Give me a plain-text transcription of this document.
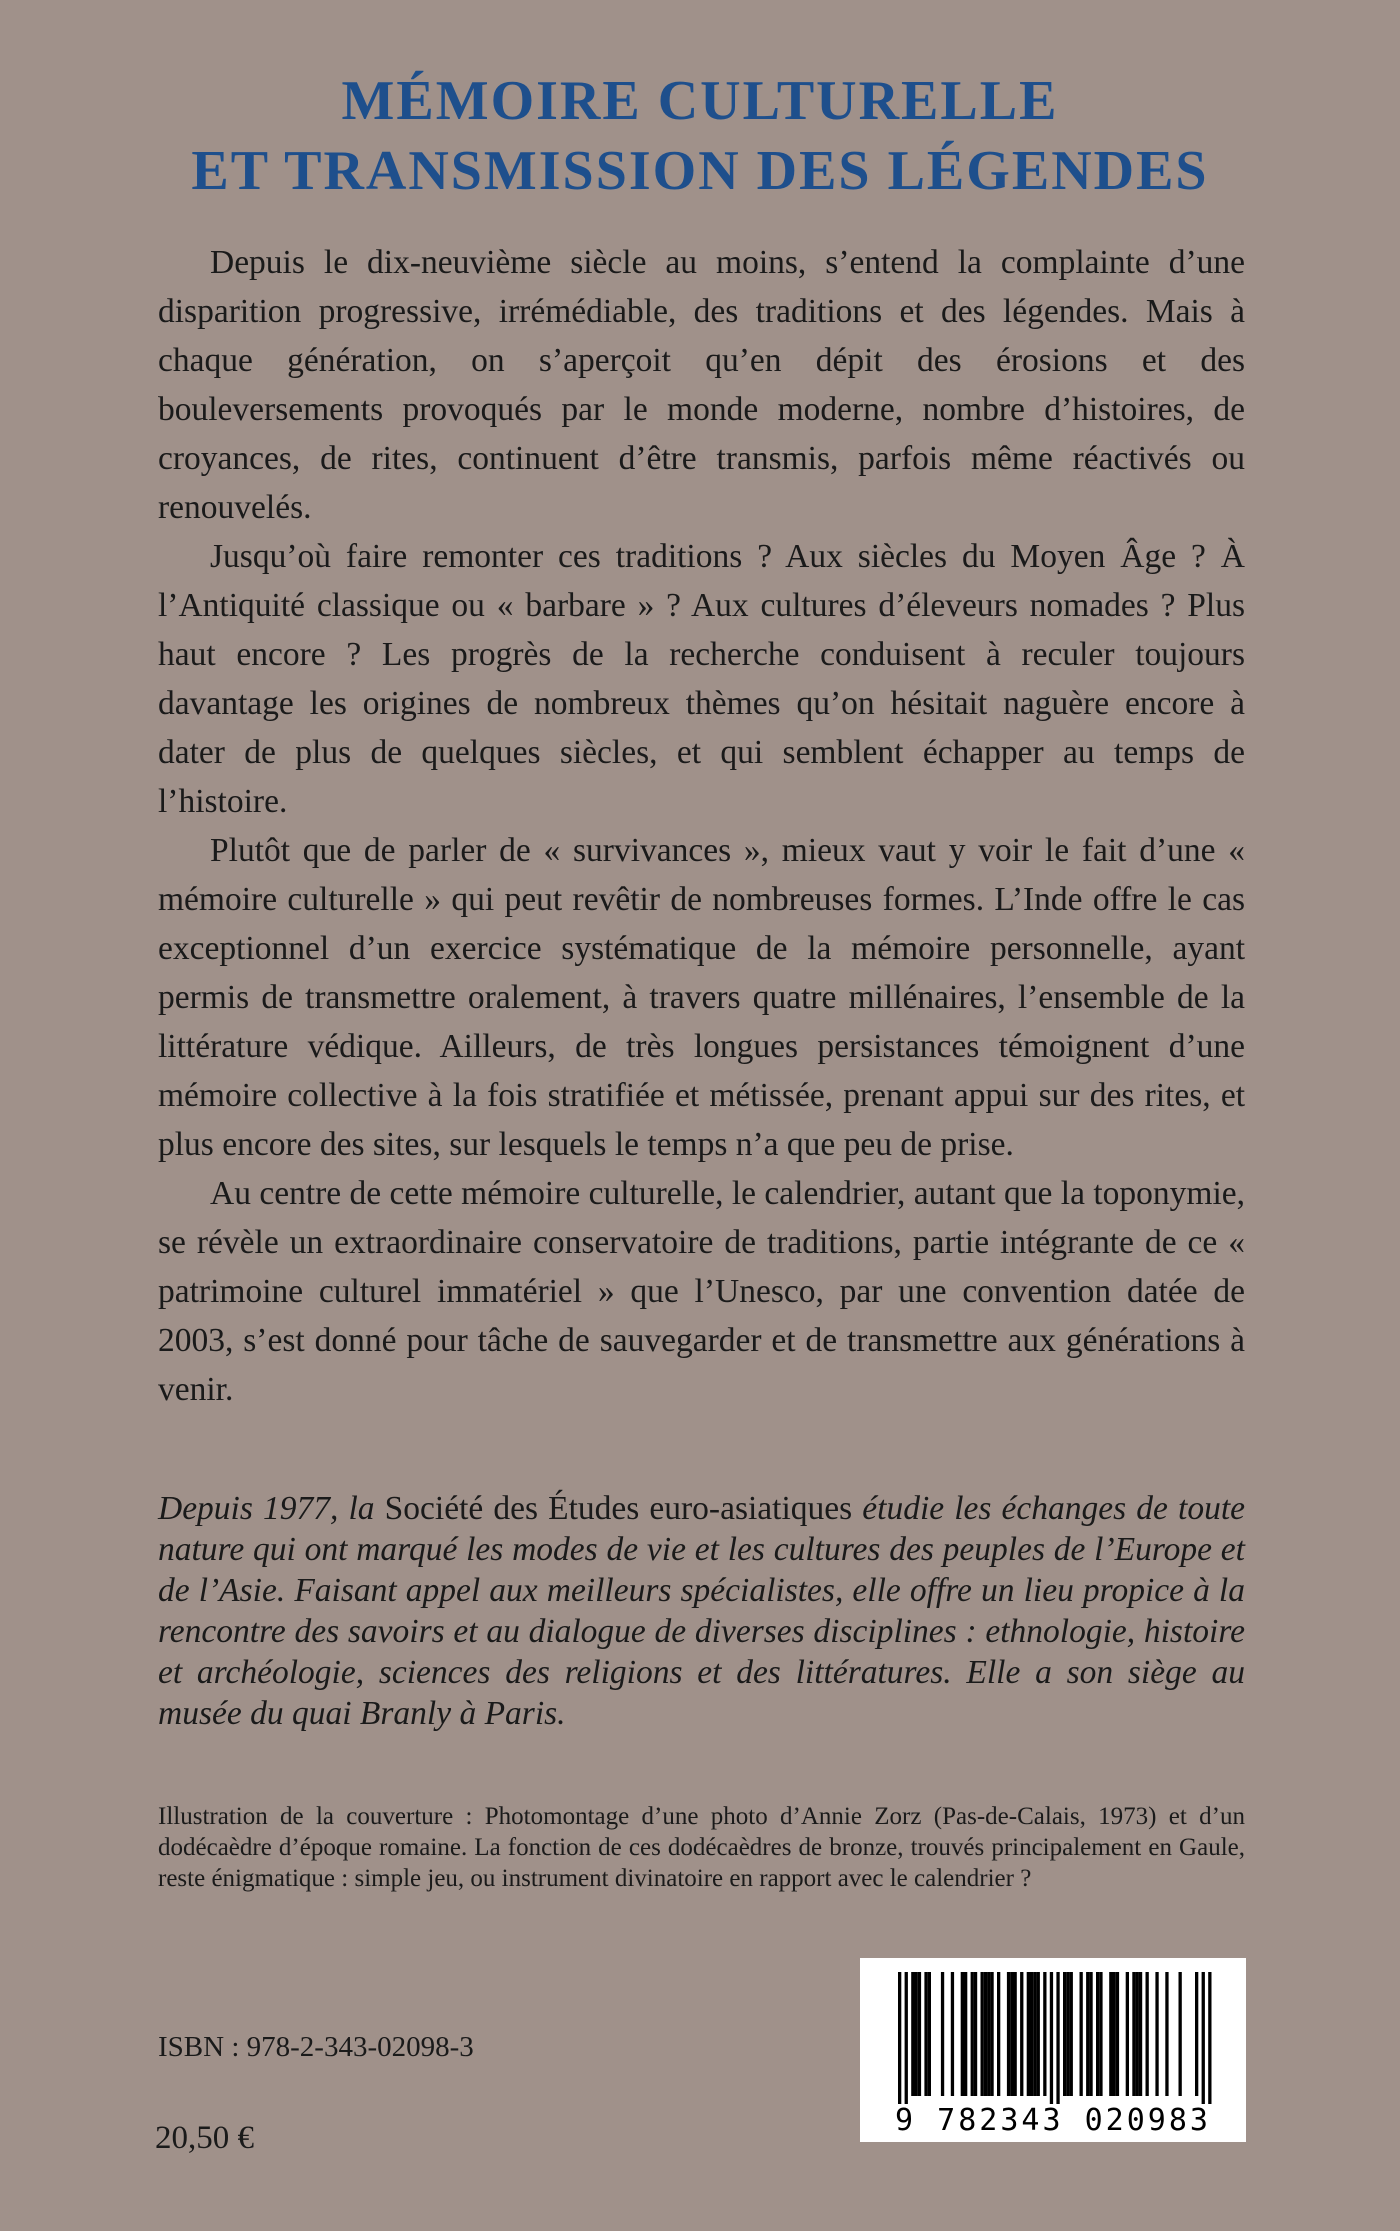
MÉMOIRE CULTURELLE
ET TRANSMISSION DES LÉGENDES

Depuis le dix-neuvième siècle au moins, s’entend la complainte d’une disparition progressive, irrémédiable, des traditions et des légendes. Mais à chaque génération, on s’aperçoit qu’en dépit des érosions et des bouleversements provoqués par le monde moderne, nombre d’histoires, de croyances, de rites, continuent d’être transmis, parfois même réactivés ou renouvelés.

Jusqu’où faire remonter ces traditions ? Aux siècles du Moyen Âge ? À l’Antiquité classique ou « barbare » ? Aux cultures d’éleveurs nomades ? Plus haut encore ? Les progrès de la recherche conduisent à reculer toujours davantage les origines de nombreux thèmes qu’on hésitait naguère encore à dater de plus de quelques siècles, et qui semblent échapper au temps de l’histoire.

Plutôt que de parler de « survivances », mieux vaut y voir le fait d’une « mémoire culturelle » qui peut revêtir de nombreuses formes. L’Inde offre le cas exceptionnel d’un exercice systématique de la mémoire personnelle, ayant permis de transmettre oralement, à travers quatre millénaires, l’ensemble de la littérature védique. Ailleurs, de très longues persistances témoignent d’une mémoire collective à la fois stratifiée et métissée, prenant appui sur des rites, et plus encore des sites, sur lesquels le temps n’a que peu de prise.

Au centre de cette mémoire culturelle, le calendrier, autant que la toponymie, se révèle un extraordinaire conservatoire de traditions, partie intégrante de ce « patrimoine culturel immatériel » que l’Unesco, par une convention datée de 2003, s’est donné pour tâche de sauvegarder et de transmettre aux générations à venir.

Depuis 1977, la Société des Études euro-asiatiques étudie les échanges de toute nature qui ont marqué les modes de vie et les cultures des peuples de l’Europe et de l’Asie. Faisant appel aux meilleurs spécialistes, elle offre un lieu propice à la rencontre des savoirs et au dialogue de diverses disciplines : ethnologie, histoire et archéologie, sciences des religions et des littératures. Elle a son siège au musée du quai Branly à Paris.

Illustration de la couverture : Photomontage d’une photo d’Annie Zorz (Pas-de-Calais, 1973) et d’un dodécaèdre d’époque romaine. La fonction de ces dodécaèdres de bronze, trouvés principalement en Gaule, reste énigmatique : simple jeu, ou instrument divinatoire en rapport avec le calendrier ?

ISBN : 978-2-343-02098-3
20,50 €	9 782343 020983
